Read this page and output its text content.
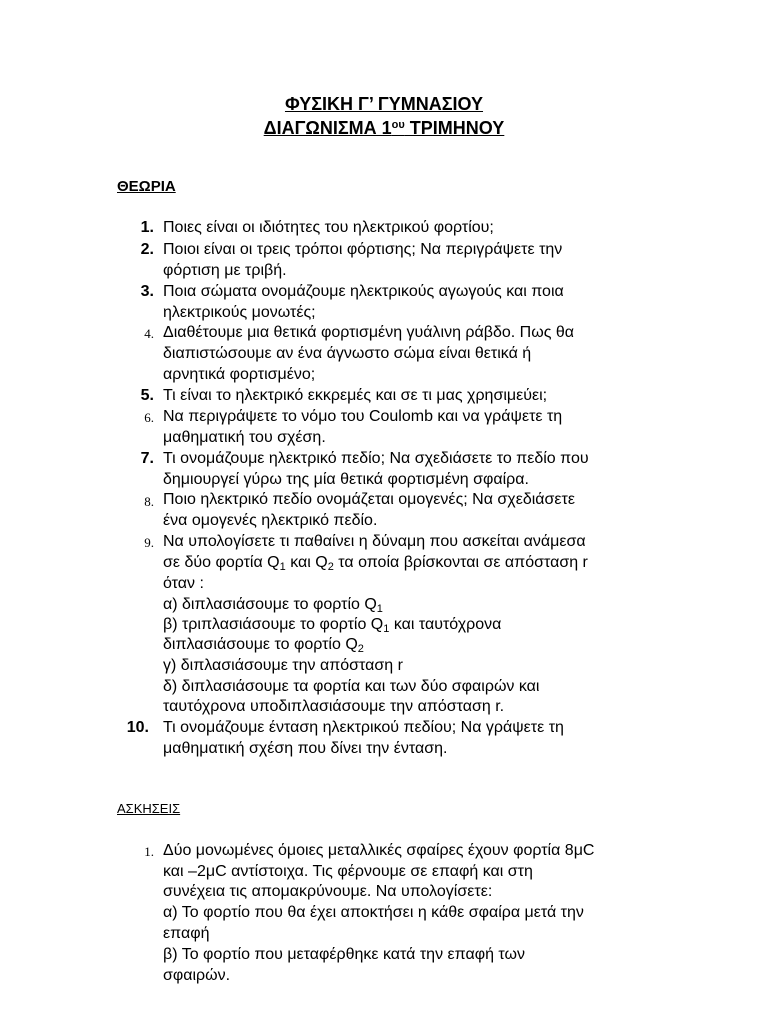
ΦΥΣΙΚΗ Γ’ ΓΥΜΝΑΣΙΟΥ
ΔΙΑΓΩΝΙΣΜΑ $1^{o\upsilon}$ ΤΡΙΜΗΝΟΥ
ΘΕΩΡΙΑ
1. Ποιες είναι οι ιδιότητες του ηλεκτρικού φορτίου;
2. Ποιοι είναι οι τρεις τρόποι φόρτισης; Να περιγράψετε την
φόρτιση με τριβή.
3. Ποια σώματα ονομάζουμε ηλεκτρικούς αγωγούς και ποια
ηλεκτρικούς μονωτές;
4. Διαθέτουμε μια θετικά φορτισμένη γυάλινη ράβδο. Πως θα
διαπιστώσουμε αν ένα άγνωστο σώμα είναι θετικά ή
αρνητικά φορτισμένο;
5. Τι είναι το ηλεκτρικό εκκρεμές και σε τι μας χρησιμεύει;
6. Να περιγράψετε το νόμο του Coulomb και να γράψετε τη
μαθηματική του σχέση.
7. Τι ονομάζουμε ηλεκτρικό πεδίο; Να σχεδιάσετε το πεδίο που
δημιουργεί γύρω της μία θετικά φορτισμένη σφαίρα.
8. Ποιο ηλεκτρικό πεδίο ονομάζεται ομογενές; Να σχεδιάσετε
ένα ομογενές ηλεκτρικό πεδίο.
9. Να υπολογίσετε τι παθαίνει η δύναμη που ασκείται ανάμεσα
σε δύο φορτία $Q_1$ και $Q_2$ τα οποία βρίσκονται σε απόσταση r
όταν :
α) διπλασιάσουμε το φορτίο $Q_1$
β) τριπλασιάσουμε το φορτίο $Q_1$ και ταυτόχρονα
διπλασιάσουμε το φορτίο $Q_2$
γ) διπλασιάσουμε την απόσταση r
δ) διπλασιάσουμε τα φορτία και των δύο σφαιρών και
ταυτόχρονα υποδιπλασιάσουμε την απόσταση r.
10. Τι ονομάζουμε ένταση ηλεκτρικού πεδίου; Να γράψετε τη
μαθηματική σχέση που δίνει την ένταση.
ΑΣΚΗΣΕΙΣ
1. Δύο μονωμένες όμοιες μεταλλικές σφαίρες έχουν φορτία 8μC
και –2μC αντίστοιχα. Τις φέρνουμε σε επαφή και στη
συνέχεια τις απομακρύνουμε. Να υπολογίσετε:
α) Το φορτίο που θα έχει αποκτήσει η κάθε σφαίρα μετά την
επαφή
β) Το φορτίο που μεταφέρθηκε κατά την επαφή των
σφαιρών.
